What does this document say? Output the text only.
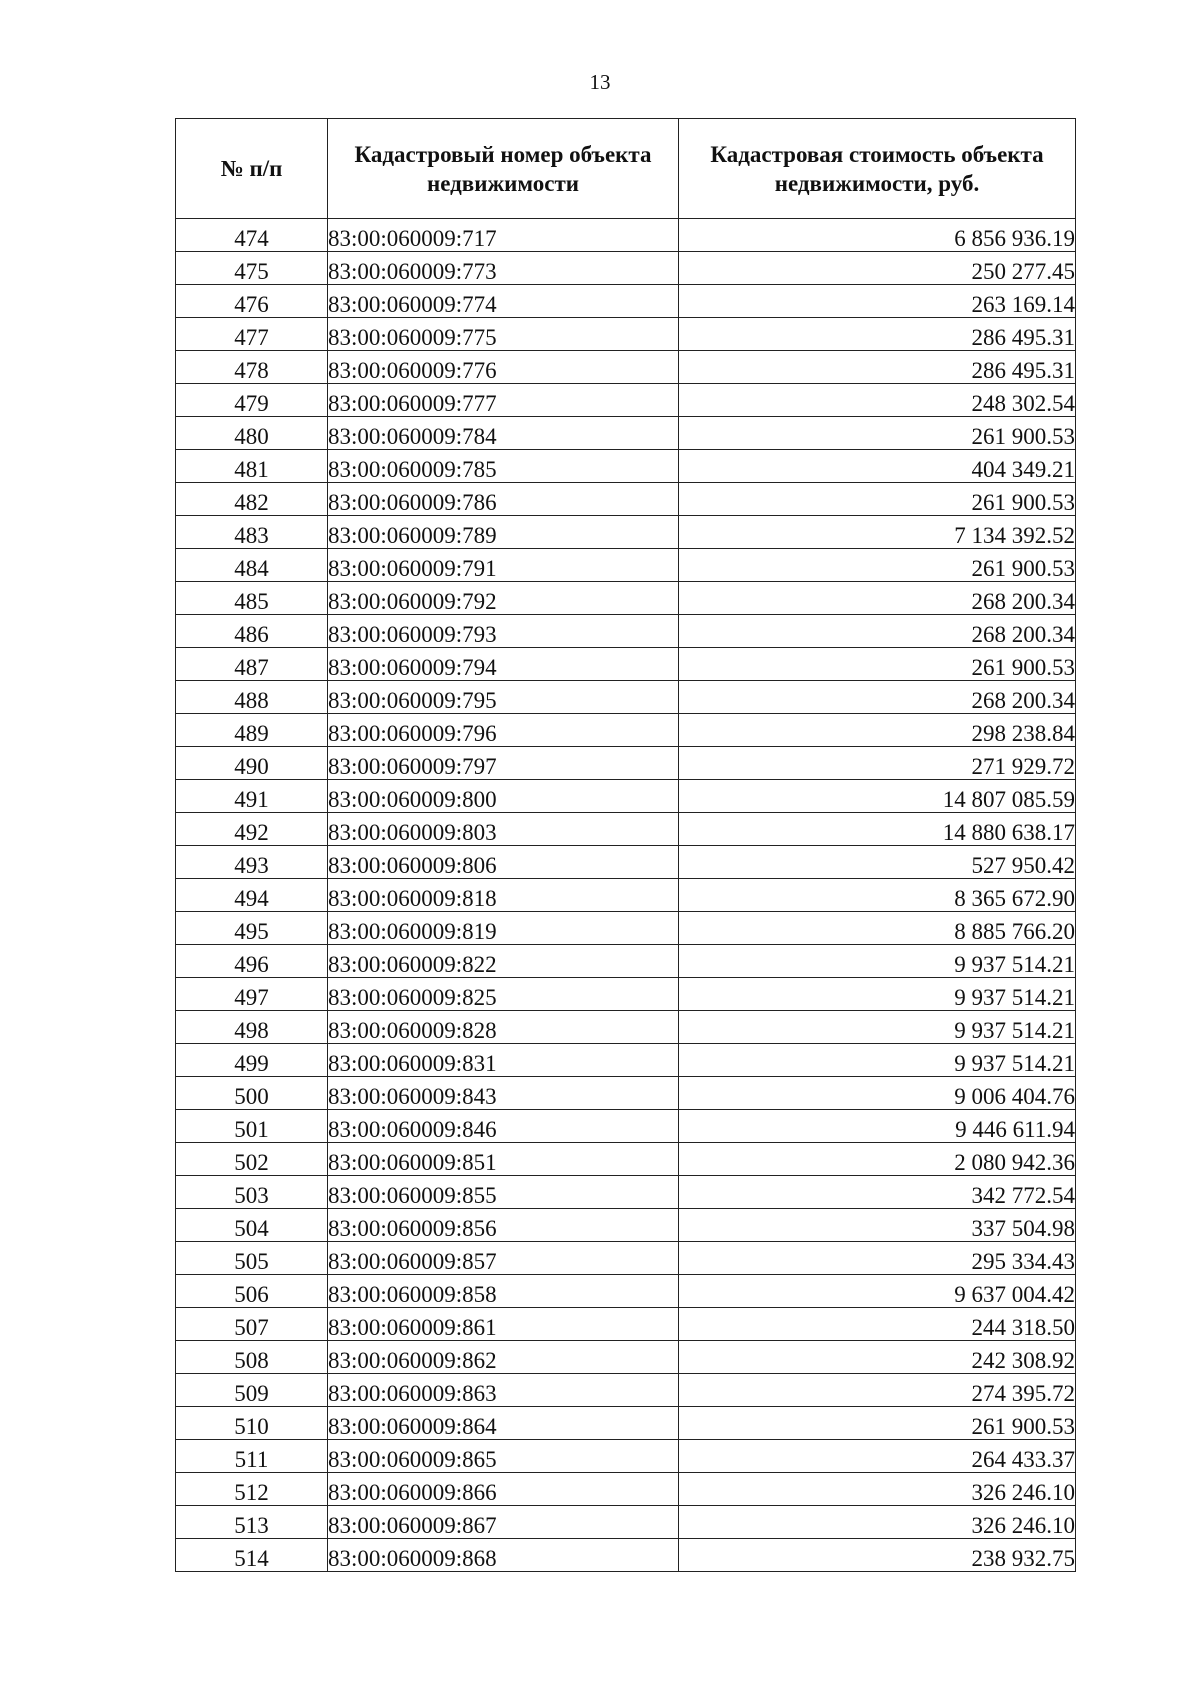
13
№ п/п	Кадастровый номер объекта недвижимости	Кадастровая стоимость объекта недвижимости, руб.
474	83:00:060009:717	6 856 936.19
475	83:00:060009:773	250 277.45
476	83:00:060009:774	263 169.14
477	83:00:060009:775	286 495.31
478	83:00:060009:776	286 495.31
479	83:00:060009:777	248 302.54
480	83:00:060009:784	261 900.53
481	83:00:060009:785	404 349.21
482	83:00:060009:786	261 900.53
483	83:00:060009:789	7 134 392.52
484	83:00:060009:791	261 900.53
485	83:00:060009:792	268 200.34
486	83:00:060009:793	268 200.34
487	83:00:060009:794	261 900.53
488	83:00:060009:795	268 200.34
489	83:00:060009:796	298 238.84
490	83:00:060009:797	271 929.72
491	83:00:060009:800	14 807 085.59
492	83:00:060009:803	14 880 638.17
493	83:00:060009:806	527 950.42
494	83:00:060009:818	8 365 672.90
495	83:00:060009:819	8 885 766.20
496	83:00:060009:822	9 937 514.21
497	83:00:060009:825	9 937 514.21
498	83:00:060009:828	9 937 514.21
499	83:00:060009:831	9 937 514.21
500	83:00:060009:843	9 006 404.76
501	83:00:060009:846	9 446 611.94
502	83:00:060009:851	2 080 942.36
503	83:00:060009:855	342 772.54
504	83:00:060009:856	337 504.98
505	83:00:060009:857	295 334.43
506	83:00:060009:858	9 637 004.42
507	83:00:060009:861	244 318.50
508	83:00:060009:862	242 308.92
509	83:00:060009:863	274 395.72
510	83:00:060009:864	261 900.53
511	83:00:060009:865	264 433.37
512	83:00:060009:866	326 246.10
513	83:00:060009:867	326 246.10
514	83:00:060009:868	238 932.75
